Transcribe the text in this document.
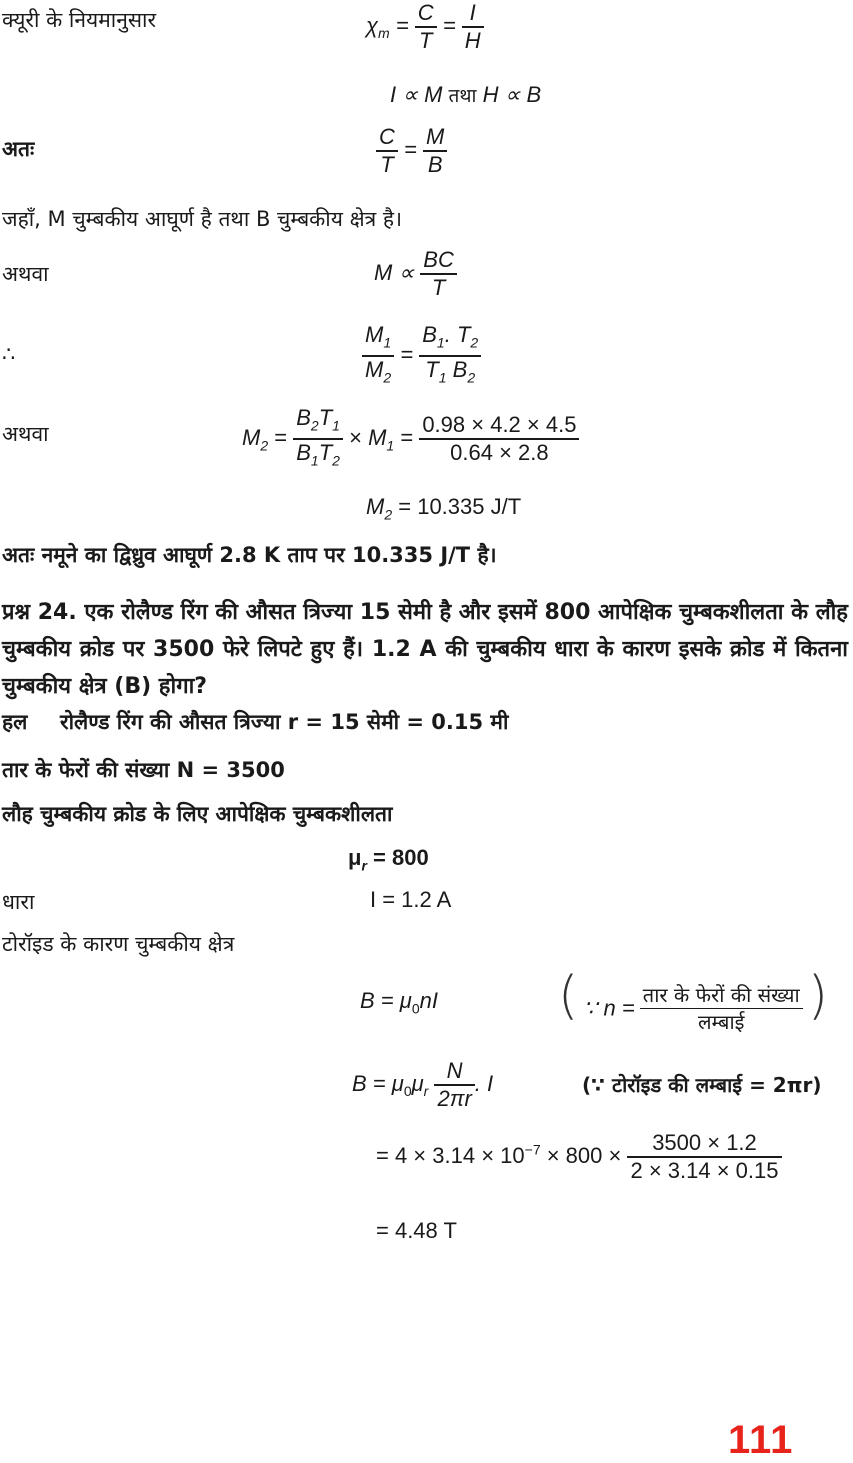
क्यूरी के नियमानुसार	$\chi_m = \frac{C}{T} = \frac{I}{H}$
I ∝ M तथा H ∝ B
अतः	$\frac{C}{T} = \frac{M}{B}$
जहाँ, M चुम्बकीय आघूर्ण है तथा B चुम्बकीय क्षेत्र है।
अथवा	$M \propto \frac{BC}{T}$
∴	$\frac{M_1}{M_2} = \frac{B_1. T_2}{T_1 B_2}$
अथवा	$M_2 = \frac{B_2T_1}{B_1T_2} \times M_1 = \frac{0.98 \times 4.2 \times 4.5}{0.64 \times 2.8}$
$M_2 = 10.335$ J/T
अतः नमूने का द्विध्रुव आघूर्ण 2.8 K ताप पर 10.335 J/T है।
प्रश्न 24. एक रोलैण्ड रिंग की औसत त्रिज्या 15 सेमी है और इसमें 800 आपेक्षिक चुम्बकशीलता के लौह चुम्बकीय क्रोड पर 3500 फेरे लिपटे हुए हैं। 1.2 A की चुम्बकीय धारा के कारण इसके क्रोड में कितना चुम्बकीय क्षेत्र (B) होगा?
हल रोलैण्ड रिंग की औसत त्रिज्या r = 15 सेमी = 0.15 मी
तार के फेरों की संख्या N = 3500
लौह चुम्बकीय क्रोड के लिए आपेक्षिक चुम्बकशीलता
$\mu_r = 800$
धारा	I = 1.2 A
टोरॉइड के कारण चुम्बकीय क्षेत्र
$B = \mu_0nI$ ( ∵ $n = \frac{\text{तार के फेरों की संख्या}}{\text{लम्बाई}}$ )
$B = \mu_0\mu_r \frac{N}{2\pi r}$ . I	(∵ टोरॉइड की लम्बाई = 2πr)
= $4 \times 3.14 \times 10^{-7} \times 800 \times \frac{3500 \times 1.2}{2 \times 3.14 \times 0.15}$
= 4.48 T
111
